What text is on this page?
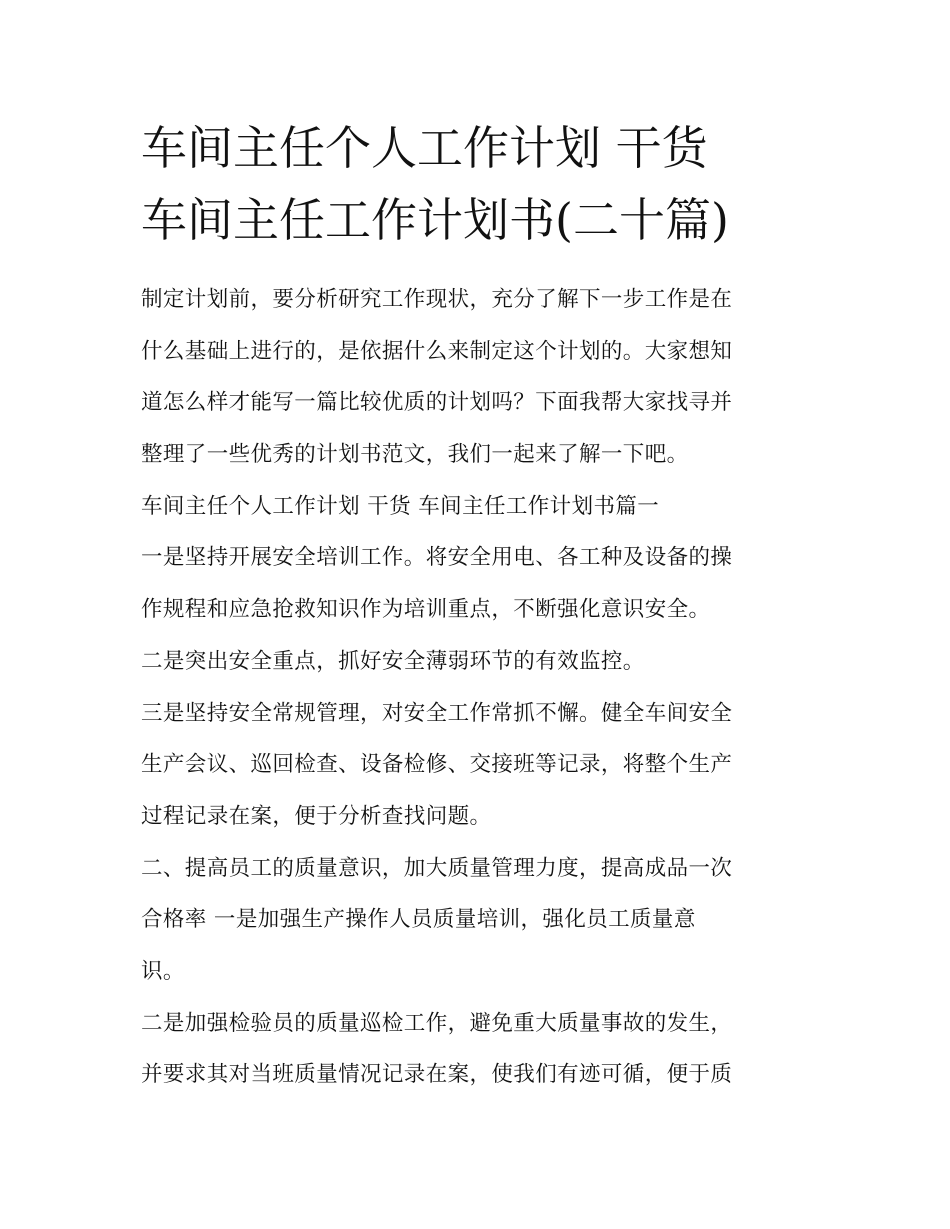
车间主任个人工作计划 干货
车间主任工作计划书(二十篇)
制定计划前，要分析研究工作现状，充分了解下一步工作是在
什么基础上进行的，是依据什么来制定这个计划的。大家想知
道怎么样才能写一篇比较优质的计划吗？下面我帮大家找寻并
整理了一些优秀的计划书范文，我们一起来了解一下吧。
车间主任个人工作计划 干货 车间主任工作计划书篇一
一是坚持开展安全培训工作。将安全用电、各工种及设备的操
作规程和应急抢救知识作为培训重点，不断强化意识安全。
二是突出安全重点，抓好安全薄弱环节的有效监控。
三是坚持安全常规管理，对安全工作常抓不懈。健全车间安全
生产会议、巡回检查、设备检修、交接班等记录，将整个生产
过程记录在案，便于分析查找问题。
二、提高员工的质量意识，加大质量管理力度，提高成品一次
合格率 一是加强生产操作人员质量培训，强化员工质量意
识。
二是加强检验员的质量巡检工作，避免重大质量事故的发生，
并要求其对当班质量情况记录在案，使我们有迹可循，便于质
